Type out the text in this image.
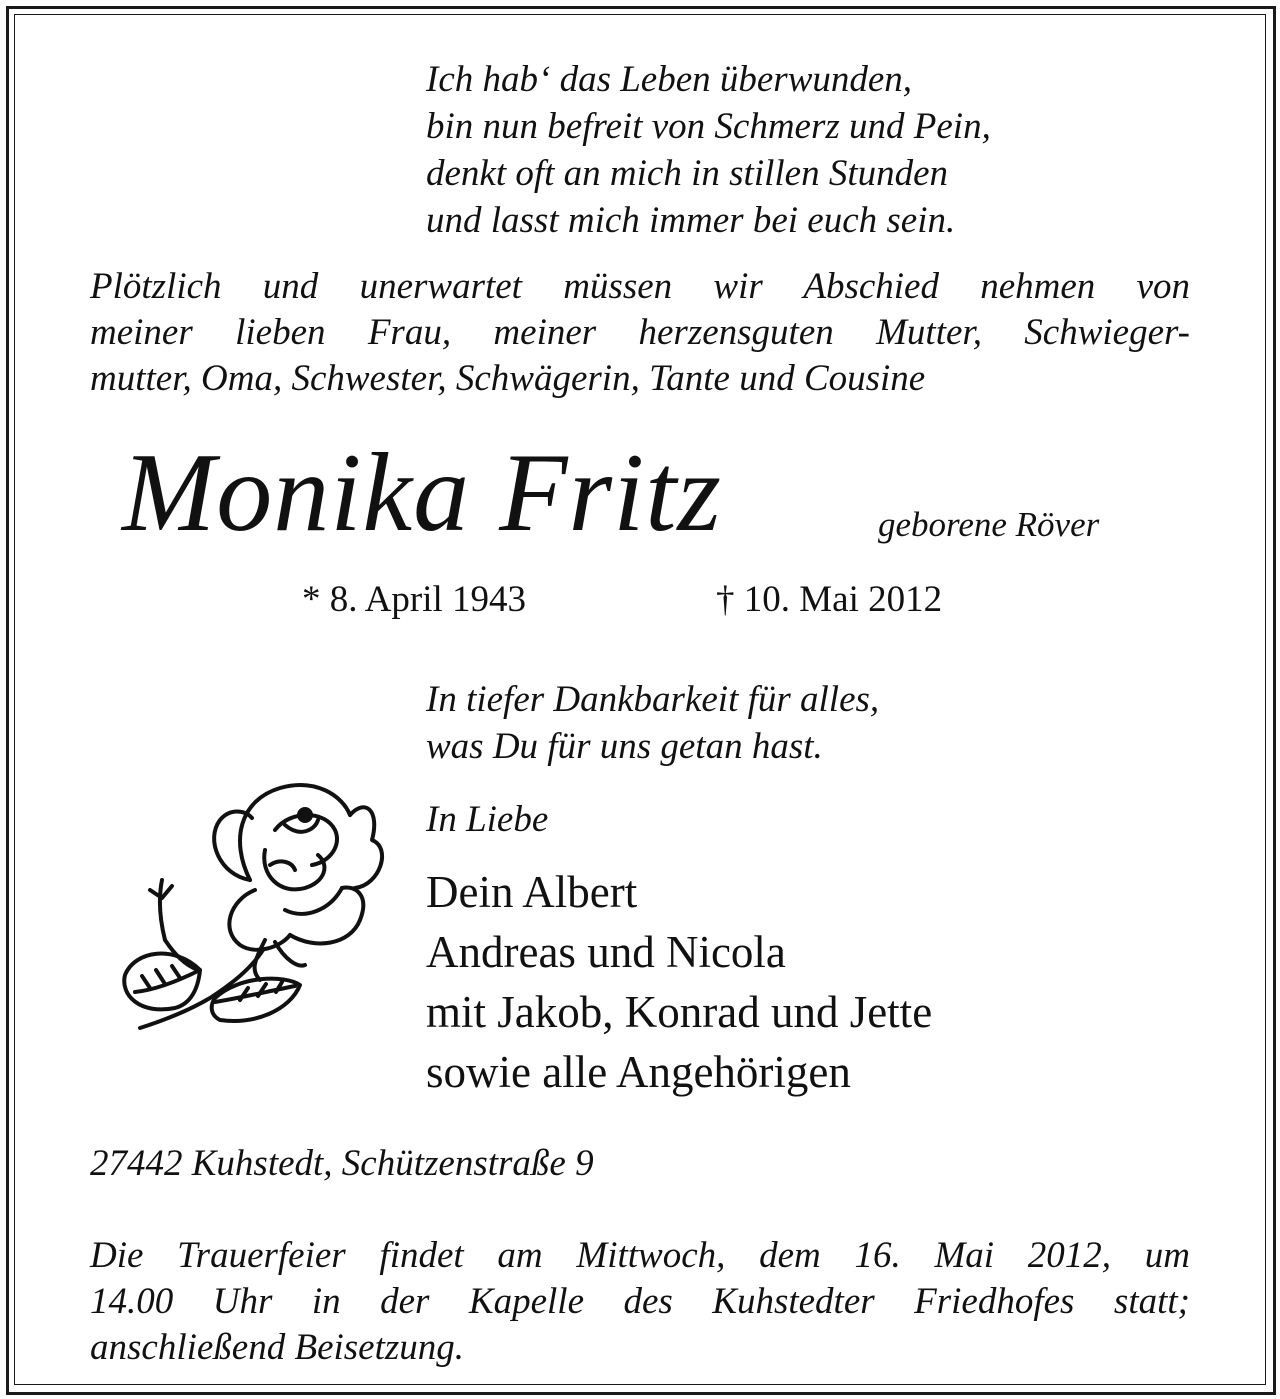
Ich hab‘ das Leben überwunden,
bin nun befreit von Schmerz und Pein,
denkt oft an mich in stillen Stunden
und lasst mich immer bei euch sein.
Plötzlich und unerwartet müssen wir Abschied nehmen von
meiner lieben Frau, meiner herzensguten Mutter, Schwieger-
mutter, Oma, Schwester, Schwägerin, Tante und Cousine
Monika Fritz	geborene Röver
* 8. April 1943	† 10. Mai 2012
In tiefer Dankbarkeit für alles,
was Du für uns getan hast.
In Liebe
Dein Albert
Andreas und Nicola
mit Jakob, Konrad und Jette
sowie alle Angehörigen
27442 Kuhstedt, Schützenstraße 9
Die Trauerfeier findet am Mittwoch, dem 16. Mai 2012, um
14.00 Uhr in der Kapelle des Kuhstedter Friedhofes statt;
anschließend Beisetzung.
